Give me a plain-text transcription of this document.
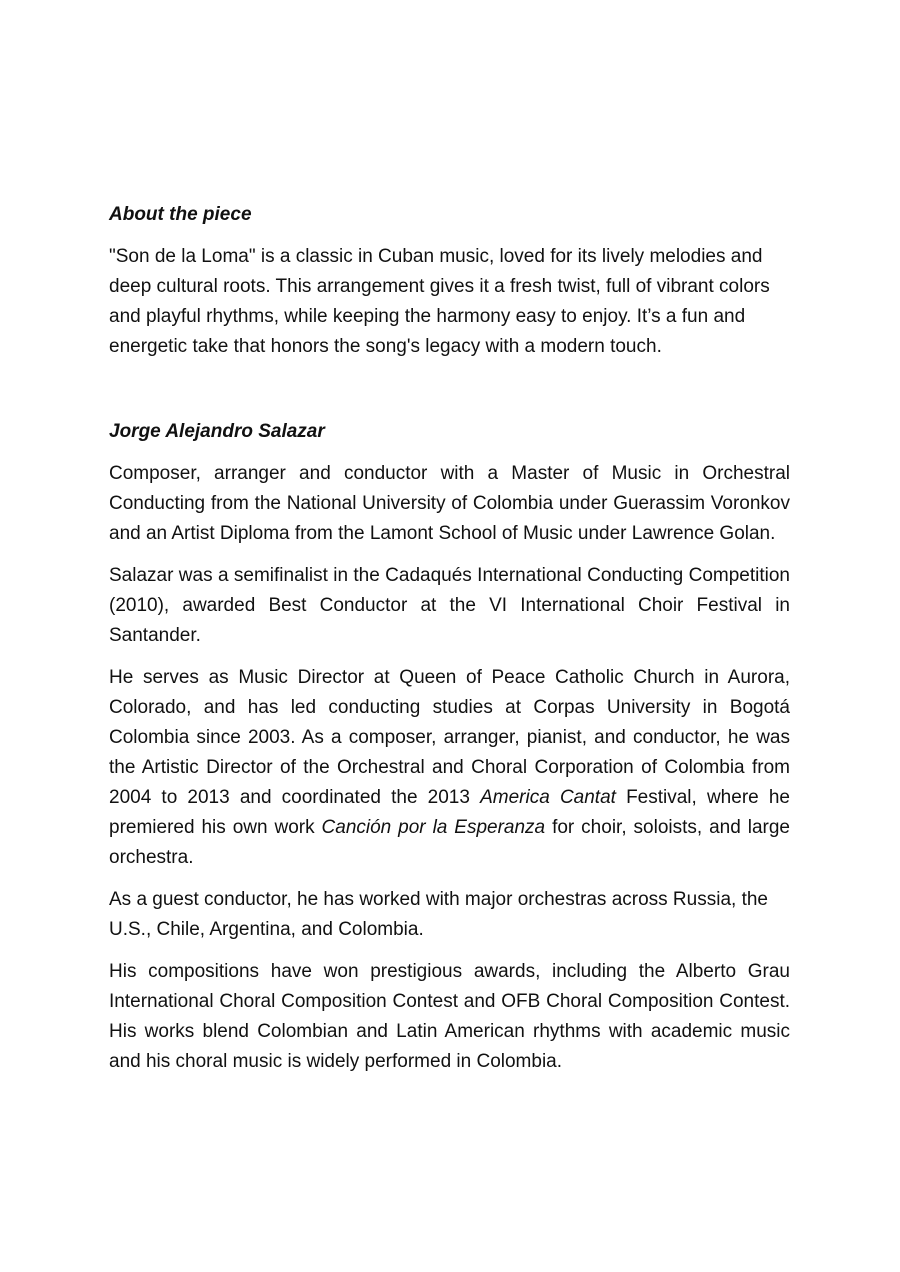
About the piece

"Son de la Loma" is a classic in Cuban music, loved for its lively melodies and deep cultural roots. This arrangement gives it a fresh twist, full of vibrant colors and playful rhythms, while keeping the harmony easy to enjoy. It’s a fun and energetic take that honors the song's legacy with a modern touch.

Jorge Alejandro Salazar

Composer, arranger and conductor with a Master of Music in Orchestral Conducting from the National University of Colombia under Guerassim Voronkov and an Artist Diploma from the Lamont School of Music under Lawrence Golan.

Salazar was a semifinalist in the Cadaqués International Conducting Competition (2010), awarded Best Conductor at the VI International Choir Festival in Santander.

He serves as Music Director at Queen of Peace Catholic Church in Aurora, Colorado, and has led conducting studies at Corpas University in Bogotá Colombia since 2003. As a composer, arranger, pianist, and conductor, he was the Artistic Director of the Orchestral and Choral Corporation of Colombia from 2004 to 2013 and coordinated the 2013 America Cantat Festival, where he premiered his own work Canción por la Esperanza for choir, soloists, and large orchestra.

As a guest conductor, he has worked with major orchestras across Russia, the U.S., Chile, Argentina, and Colombia.

His compositions have won prestigious awards, including the Alberto Grau International Choral Composition Contest and OFB Choral Composition Contest. His works blend Colombian and Latin American rhythms with academic music and his choral music is widely performed in Colombia.
